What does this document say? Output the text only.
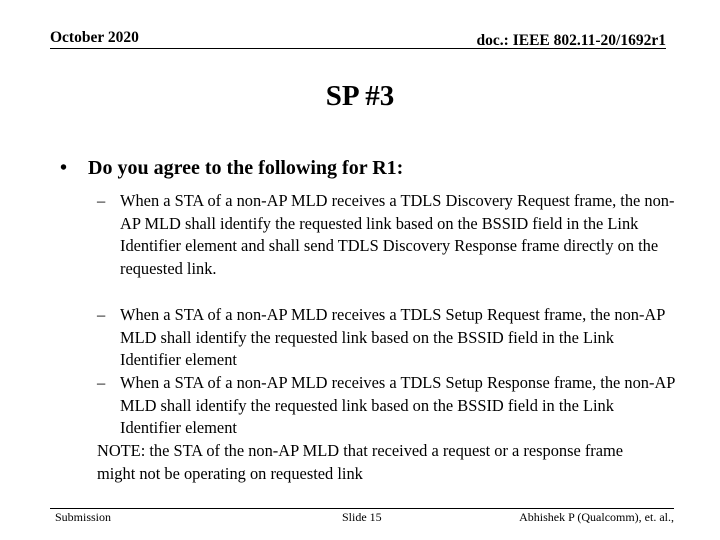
October 2020	doc.: IEEE 802.11-20/1692r1
SP #3
• Do you agree to the following for R1:
– When a STA of a non-AP MLD receives a TDLS Discovery Request frame, the non-AP MLD shall identify the requested link based on the BSSID field in the Link Identifier element and shall send TDLS Discovery Response frame directly on the requested link.
– When a STA of a non-AP MLD receives a TDLS Setup Request frame, the non-AP MLD shall identify the requested link based on the BSSID field in the Link Identifier element
– When a STA of a non-AP MLD receives a TDLS Setup Response frame, the non-AP MLD shall identify the requested link based on the BSSID field in the Link Identifier element
NOTE: the STA of the non-AP MLD that received a request or a response frame might not be operating on requested link
Submission	Slide 15	Abhishek P (Qualcomm), et. al.,
